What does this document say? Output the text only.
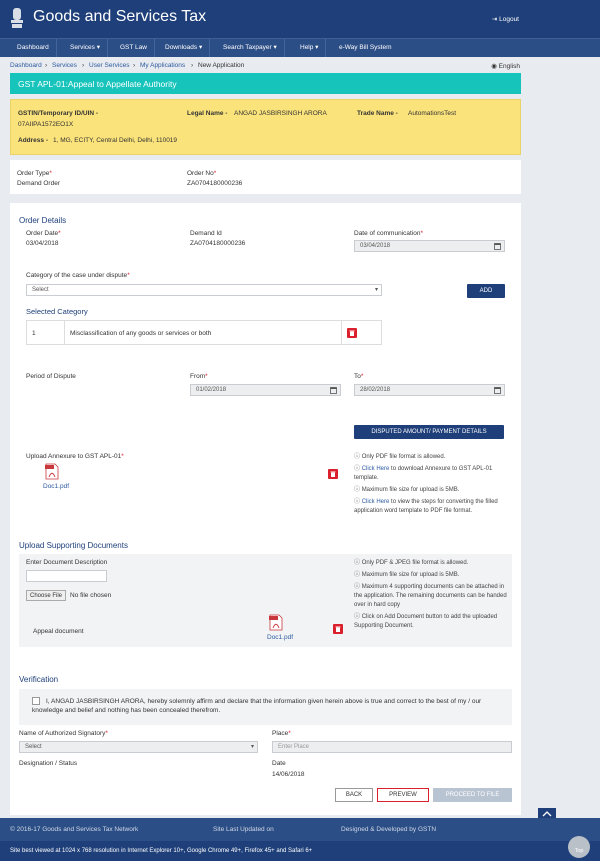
Goods and Services Tax	⇥ Logout
Dashboard	Services ▾	GST Law	Downloads ▾	Search Taxpayer ▾	Help ▾	e-Way Bill System
Dashboard › Services › User Services › My Applications › New Application	◉ English
GST APL-01:Appeal to Appellate Authority
GSTIN/Temporary ID/UIN -
07AIIPA1572EO1X
Legal Name - ANGAD JASBIRSINGH ARORA	Trade Name - AutomationsTest
Address - 1, MG, ECITY, Central Delhi, Delhi, 110019
Order Type*
Demand Order
Order No*
ZA0704180000236
Order Details
Order Date*
03/04/2018
Demand Id
ZA0704180000236
Date of communication*
03/04/2018
Category of the case under dispute*
Select	▾	ADD
Selected Category
1	Misclassification of any goods or services or both
Period of Dispute	From*
01/02/2018
To*
28/02/2018
DISPUTED AMOUNT/ PAYMENT DETAILS
Upload Annexure to GST APL-01*
Doc1.pdf
ⓘ Only PDF file format is allowed.
ⓘ Click Here to download Annexure to GST APL-01 template.
ⓘ Maximum file size for upload is 5MB.
ⓘ Click Here to view the steps for converting the filled application word template to PDF file format.
Upload Supporting Documents
Enter Document Description
Choose File	No file chosen
Appeal document
Doc1.pdf
ⓘ Only PDF & JPEG file format is allowed.
ⓘ Maximum file size for upload is 5MB.
ⓘ Maximum 4 supporting documents can be attached in the application. The remaining documents can be handed over in hard copy
ⓘ Click on Add Document button to add the uploaded Supporting Document.
Verification
I, ANGAD JASBIRSINGH ARORA, hereby solemnly affirm and declare that the information given herein above is true and correct to the best of my / our knowledge and belief and nothing has been concealed therefrom.
Name of Authorized Signatory*
Select	▾
Place*
Enter Place
Designation / Status	Date
14/06/2018
BACK	PREVIEW	PROCEED TO FILE
© 2016-17 Goods and Services Tax Network	Site Last Updated on	Designed & Developed by GSTN
Site best viewed at 1024 x 768 resolution in Internet Explorer 10+, Google Chrome 49+, Firefox 45+ and Safari 6+	Top
